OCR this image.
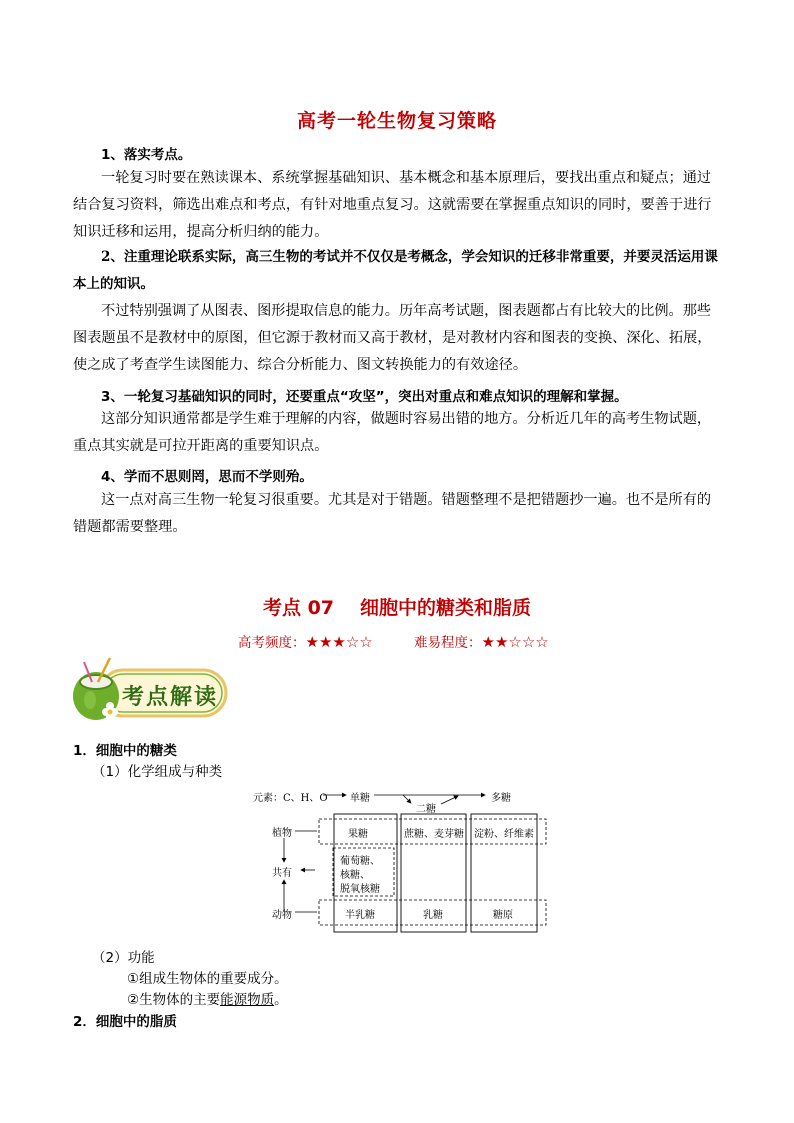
高考一轮生物复习策略
1、落实考点。
一轮复习时要在熟读课本、系统掌握基础知识、基本概念和基本原理后，要找出重点和疑点；通过结合复习资料，筛选出难点和考点，有针对地重点复习。这就需要在掌握重点知识的同时，要善于进行知识迁移和运用，提高分析归纳的能力。
2、注重理论联系实际，高三生物的考试并不仅仅是考概念，学会知识的迁移非常重要，并要灵活运用课本上的知识。
不过特别强调了从图表、图形提取信息的能力。历年高考试题，图表题都占有比较大的比例。那些图表题虽不是教材中的原图，但它源于教材而又高于教材，是对教材内容和图表的变换、深化、拓展，使之成了考查学生读图能力、综合分析能力、图文转换能力的有效途径。
3、一轮复习基础知识的同时，还要重点“攻坚”，突出对重点和难点知识的理解和掌握。
这部分知识通常都是学生难于理解的内容，做题时容易出错的地方。分析近几年的高考生物试题，重点其实就是可拉开距离的重要知识点。
4、学而不思则罔，思而不学则殆。
这一点对高三生物一轮复习很重要。尤其是对于错题。错题整理不是把错题抄一遍。也不是所有的错题都需要整理。
考点 07 细胞中的糖类和脂质
高考频度：★★★☆☆	难易程度：★★☆☆☆
考点解读
1．细胞中的糖类
（1）化学组成与种类
元素：C、H、O 单糖
二糖
多糖
植物
共有
动物
果糖	蔗糖、麦芽糖 淀粉、纤维素
葡萄糖、
核糖、
脱氧核糖
半乳糖	乳糖	糖原
（2）功能
①组成生物体的重要成分。
②生物体的主要能源物质。
2．细胞中的脂质
